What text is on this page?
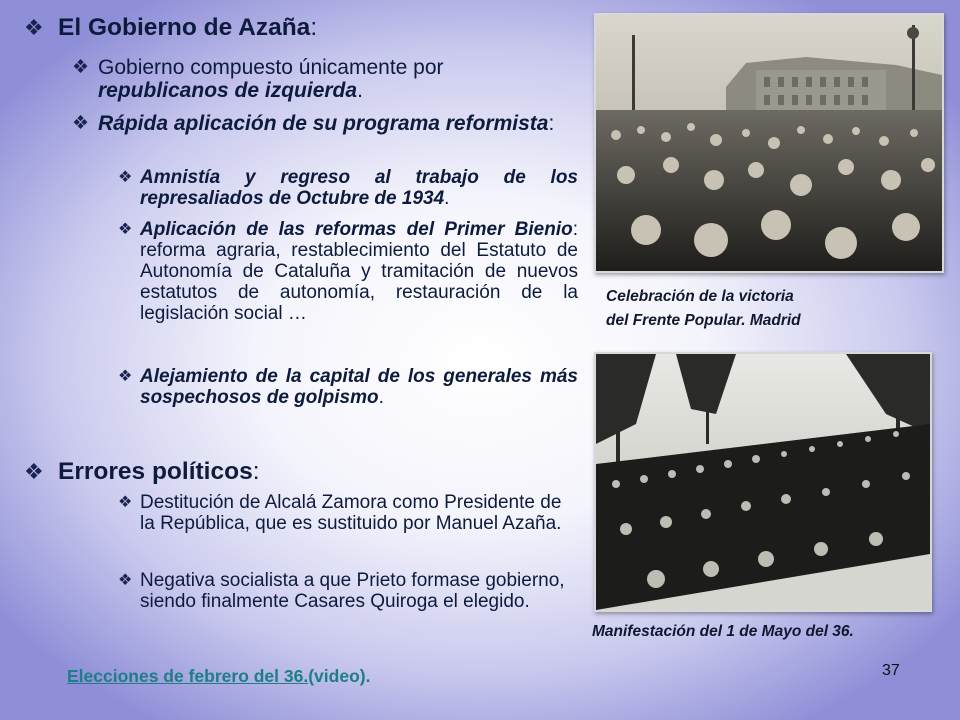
❖ El Gobierno de Azaña:
❖ Gobierno compuesto únicamente por republicanos de izquierda.
❖ Rápida aplicación de su programa reformista:
❖ Amnistía y regreso al trabajo de los represaliados de Octubre de 1934.
❖ Aplicación de las reformas del Primer Bienio: reforma agraria, restablecimiento del Estatuto de Autonomía de Cataluña y tramitación de nuevos estatutos de autonomía, restauración de la legislación social …
❖ Alejamiento de la capital de los generales más sospechosos de golpismo.
❖ Errores políticos:
❖ Destitución de Alcalá Zamora como Presidente de la República, que es sustituido por Manuel Azaña.
❖ Negativa socialista a que Prieto formase gobierno, siendo finalmente Casares Quiroga el elegido.
Celebración de la victoria
del Frente Popular. Madrid
Manifestación del 1 de Mayo del 36.
Elecciones de febrero del 36.(video).	37
